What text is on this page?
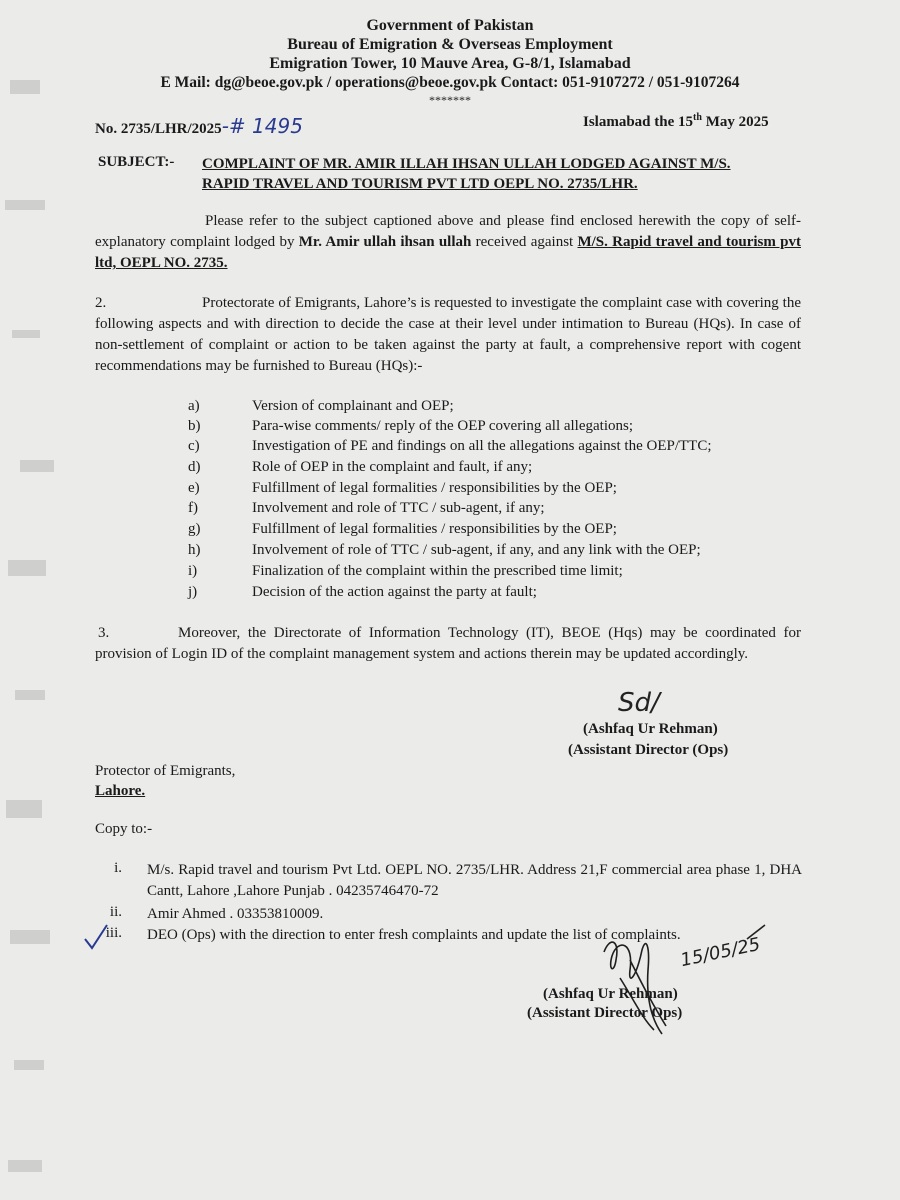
Government of Pakistan
Bureau of Emigration & Overseas Employment
Emigration Tower, 10 Mauve Area, G-8/1, Islamabad
E Mail: dg@beoe.gov.pk / operations@beoe.gov.pk Contact: 051-9107272 / 051-9107264
*******
No. 2735/LHR/2025-# 1495	Islamabad the 15th May 2025
SUBJECT:- COMPLAINT OF MR. AMIR ILLAH IHSAN ULLAH LODGED AGAINST M/S.
RAPID TRAVEL AND TOURISM PVT LTD OEPL NO. 2735/LHR.
Please refer to the subject captioned above and please find enclosed herewith the copy of self-explanatory complaint lodged by Mr. Amir ullah ihsan ullah received against M/S. Rapid travel and tourism pvt ltd, OEPL NO. 2735.
2.	Protectorate of Emigrants, Lahore’s is requested to investigate the complaint case with covering the following aspects and with direction to decide the case at their level under intimation to Bureau (HQs). In case of non-settlement of complaint or action to be taken against the party at fault, a comprehensive report with cogent recommendations may be furnished to Bureau (HQs):-
a)	Version of complainant and OEP;
b)	Para-wise comments/ reply of the OEP covering all allegations;
c)	Investigation of PE and findings on all the allegations against the OEP/TTC;
d)	Role of OEP in the complaint and fault, if any;
e)	Fulfillment of legal formalities / responsibilities by the OEP;
f)	Involvement and role of TTC / sub-agent, if any;
g)	Fulfillment of legal formalities / responsibilities by the OEP;
h)	Involvement of role of TTC / sub-agent, if any, and any link with the OEP;
i)	Finalization of the complaint within the prescribed time limit;
j)	Decision of the action against the party at fault;
3.	Moreover, the Directorate of Information Technology (IT), BEOE (Hqs) may be coordinated for provision of Login ID of the complaint management system and actions therein may be updated accordingly.
Sd/
(Ashfaq Ur Rehman)
(Assistant Director (Ops)
Protector of Emigrants,
Lahore.
Copy to:-
i. M/s. Rapid travel and tourism Pvt Ltd. OEPL NO. 2735/LHR. Address 21,F commercial area phase 1, DHA Cantt, Lahore ,Lahore Punjab . 04235746470-72
ii. Amir Ahmed . 03353810009.
iii. DEO (Ops) with the direction to enter fresh complaints and update the list of complaints.
(Ashfaq Ur Rehman)
(Assistant Director Ops)
15/05/25
